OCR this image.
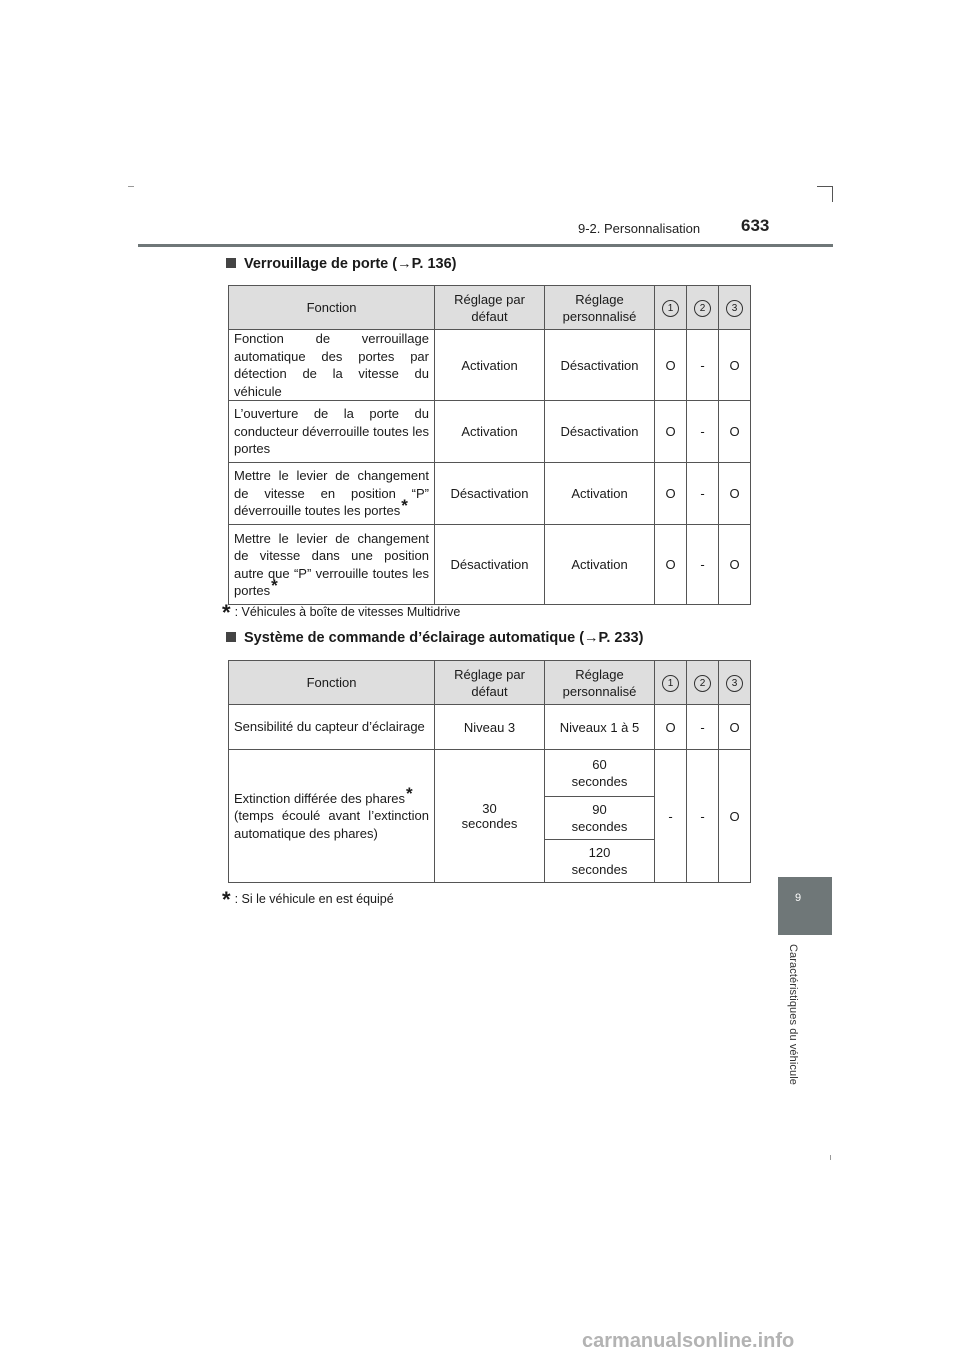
9-2. Personnalisation 633
9
Caractéristiques du véhicule
Verrouillage de porte (→P. 136)
Fonction	Réglage par défaut	Réglage personnalisé	1	2	3
Fonction de verrouillage automatique des portes par détection de la vitesse du véhicule	Activation	Désactivation	O	-	O
L’ouverture de la porte du conducteur déverrouille toutes les portes	Activation	Désactivation	O	-	O
Mettre le levier de changement de vitesse en position “P” déverrouille toutes les portes*	Désactivation	Activation	O	-	O
Mettre le levier de changement de vitesse dans une position autre que “P” verrouille toutes les portes*	Désactivation	Activation	O	-	O
* : Véhicules à boîte de vitesses Multidrive
Système de commande d’éclairage automatique (→P. 233)
Fonction	Réglage par défaut	Réglage personnalisé	1	2	3
Sensibilité du capteur d’éclairage	Niveau 3	Niveaux 1 à 5	O	-	O
Extinction différée des phares*
(temps écoulé avant l’extinction automatique des phares)	30 secondes	60 secondes	-	-	O
		90 secondes			
		120 secondes			
* : Si le véhicule en est équipé
carmanualsonline.info
